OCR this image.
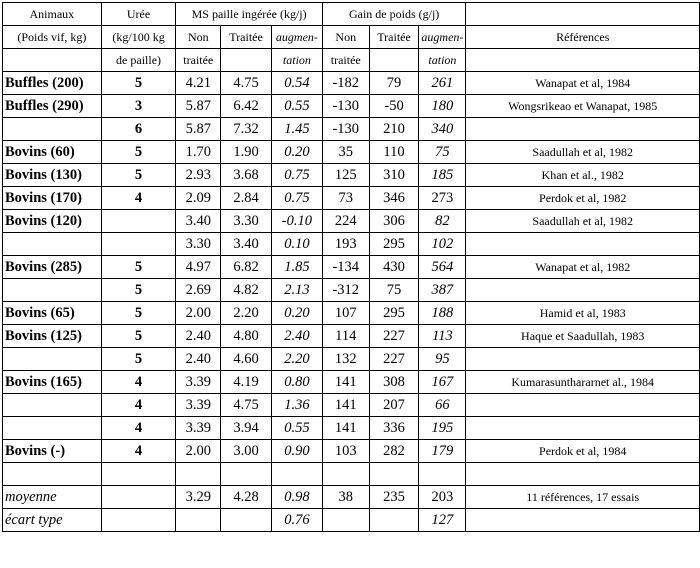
Animaux	Urée	MS paille ingérée (kg/j)			Gain de poids (g/j)			
(Poids vif, kg)	(kg/100 kg	Non	Traitée	augmen-	Non	Traitée	augmen-	Références
	de paille)	traitée		tation	traitée		tation	
Buffles (200)	5	4.21	4.75	0.54	-182	79	261	Wanapat et al, 1984
Buffles (290)	3	5.87	6.42	0.55	-130	-50	180	Wongsrikeao et Wanapat, 1985
	6	5.87	7.32	1.45	-130	210	340	
Bovins (60)	5	1.70	1.90	0.20	35	110	75	Saadullah et al, 1982
Bovins (130)	5	2.93	3.68	0.75	125	310	185	Khan et al., 1982
Bovins (170)	4	2.09	2.84	0.75	73	346	273	Perdok et al, 1982
Bovins (120)		3.40	3.30	-0.10	224	306	82	Saadullah et al, 1982
		3.30	3.40	0.10	193	295	102	
Bovins (285)	5	4.97	6.82	1.85	-134	430	564	Wanapat et al, 1982
	5	2.69	4.82	2.13	-312	75	387	
Bovins (65)	5	2.00	2.20	0.20	107	295	188	Hamid et al, 1983
Bovins (125)	5	2.40	4.80	2.40	114	227	113	Haque et Saadullah, 1983
	5	2.40	4.60	2.20	132	227	95	
Bovins (165)	4	3.39	4.19	0.80	141	308	167	Kumarasunthararnet al., 1984
	4	3.39	4.75	1.36	141	207	66	
	4	3.39	3.94	0.55	141	336	195	
Bovins (-)	4	2.00	3.00	0.90	103	282	179	Perdok et al, 1984

moyenne		3.29	4.28	0.98	38	235	203	11 références, 17 essais
écart type				0.76			127	
